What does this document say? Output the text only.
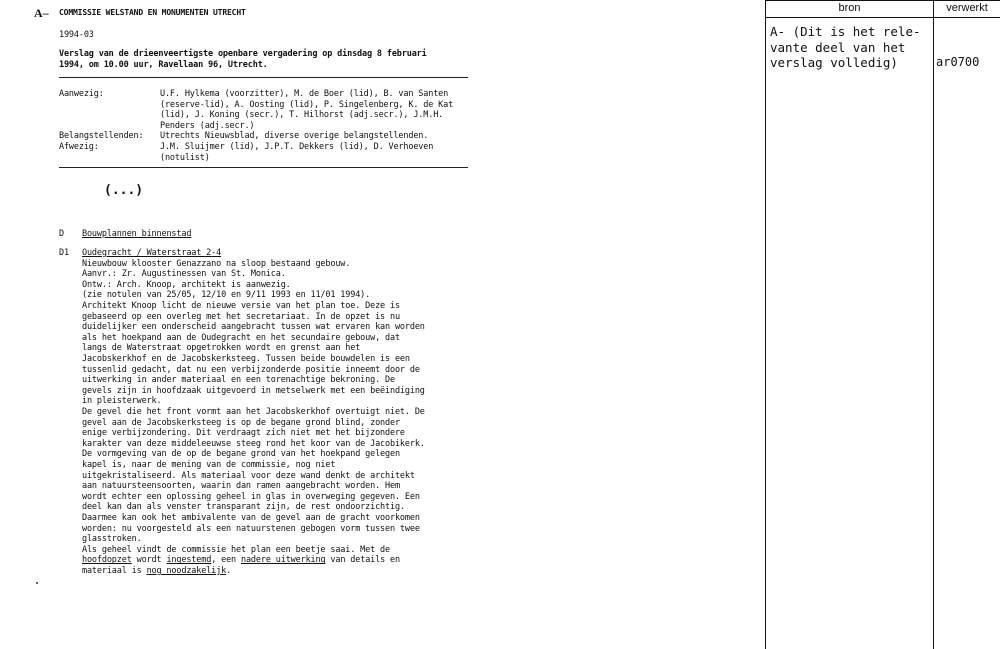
A– COMMISSIE WELSTAND EN MONUMENTEN UTRECHT
1994-03
Verslag van de drieenveertigste openbare vergadering op dinsdag 8 februari
1994, om 10.00 uur, Ravellaan 96, Utrecht.
Aanwezig:	U.F. Hylkema (voorzitter), M. de Boer (lid), B. van Santen
(reserve-lid), A. Oosting (lid), P. Singelenberg, K. de Kat
(lid), J. Koning (secr.), T. Hilhorst (adj.secr.), J.M.H.
Penders (adj.secr.)
Belangstellenden: Utrechts Nieuwsblad, diverse overige belangstellenden.
Afwezig:	J.M. Sluijmer (lid), J.P.T. Dekkers (lid), D. Verhoeven
(notulist)
(...)
D Bouwplannen binnenstad
D1 Oudegracht / Waterstraat 2-4
Nieuwbouw klooster Genazzano na sloop bestaand gebouw.
Aanvr.: Zr. Augustinessen van St. Monica.
Ontw.: Arch. Knoop, architekt is aanwezig.
(zie notulen van 25/05, 12/10 en 9/11 1993 en 11/01 1994).
Architekt Knoop licht de nieuwe versie van het plan toe. Deze is
gebaseerd op een overleg met het secretariaat. In de opzet is nu
duidelijker een onderscheid aangebracht tussen wat ervaren kan worden
als het hoekpand aan de Oudegracht en het secundaire gebouw, dat
langs de Waterstraat opgetrokken wordt en grenst aan het
Jacobskerkhof en de Jacobskerksteeg. Tussen beide bouwdelen is een
tussenlid gedacht, dat nu een verbijzonderde positie inneemt door de
uitwerking in ander materiaal en een torenachtige bekroning. De
gevels zijn in hoofdzaak uitgevoerd in metselwerk met een beëindiging
in pleisterwerk.
De gevel die het front vormt aan het Jacobskerkhof overtuigt niet. De
gevel aan de Jacobskerksteeg is op de begane grond blind, zonder
enige verbijzondering. Dit verdraagt zich niet met het bijzondere
karakter van deze middeleeuwse steeg rond het koor van de Jacobikerk.
De vormgeving van de op de begane grond van het hoekpand gelegen
kapel is, naar de mening van de commissie, nog niet
uitgekristaliseerd. Als materiaal voor deze wand denkt de architekt
aan natuursteensoorten, waarin dan ramen aangebracht worden. Hem
wordt echter een oplossing geheel in glas in overweging gegeven. Een
deel kan dan als venster transparant zijn, de rest ondoorzichtig.
Daarmee kan ook het ambivalente van de gevel aan de gracht voorkomen
worden: nu voorgesteld als een natuurstenen gebogen vorm tussen twee
glasstroken.
Als geheel vindt de commissie het plan een beetje saai. Met de
hoofdopzet wordt ingestemd, een nadere uitwerking van details en
materiaal is nog noodzakelijk.
bron	verwerkt
A- (Dit is het rele-
vante deel van het
verslag volledig)	ar0700
